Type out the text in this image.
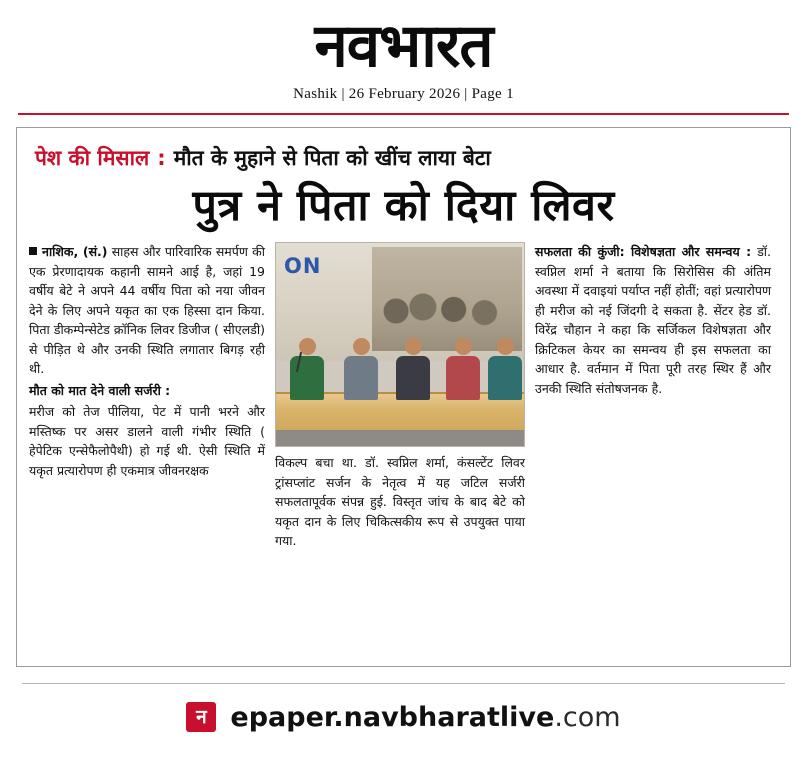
नवभारत
Nashik | 26 February 2026 | Page 1
पेश की मिसाल : मौत के मुहाने से पिता को खींच लाया बेटा
पुत्र ने पिता को दिया लिवर

नाशिक, (सं.) साहस और पारिवारिक समर्पण की एक प्रेरणादायक कहानी सामने आई है, जहां 19 वर्षीय बेटे ने अपने 44 वर्षीय पिता को नया जीवन देने के लिए अपने यकृत का एक हिस्सा दान किया. पिता डीकम्पेन्सेटेड क्रॉनिक लिवर डिजीज ( सीएलडी) से पीड़ित थे और उनकी स्थिति लगातार बिगड़ रही थी.

मौत को मात देने वाली सर्जरी :

मरीज को तेज पीलिया, पेट में पानी भरने और मस्तिष्क पर असर डालने वाली गंभीर स्थिति ( हेपेटिक एन्सेफैलोपैथी) हो गई थी. ऐसी स्थिति में यकृत प्रत्यारोपण ही एकमात्र जीवनरक्षक

ON

विकल्प बचा था. डॉ. स्वप्निल शर्मा, कंसल्टेंट लिवर ट्रांसप्लांट सर्जन के नेतृत्व में यह जटिल सर्जरी सफलतापूर्वक संपन्न हुई. विस्तृत जांच के बाद बेटे को यकृत दान के लिए चिकित्सकीय रूप से उपयुक्त पाया गया.

सफलता की कुंजी: विशेषज्ञता और समन्वय : डॉ. स्वप्निल शर्मा ने बताया कि सिरोसिस की अंतिम अवस्था में दवाइयां पर्याप्त नहीं होतीं; वहां प्रत्यारोपण ही मरीज को नई जिंदगी दे सकता है. सेंटर हेड डॉ. विरेंद्र चौहान ने कहा कि सर्जिकल विशेषज्ञता और क्रिटिकल केयर का समन्वय ही इस सफलता का आधार है. वर्तमान में पिता पूरी तरह स्थिर हैं और उनकी स्थिति संतोषजनक है.

न epaper.navbharatlive.com
